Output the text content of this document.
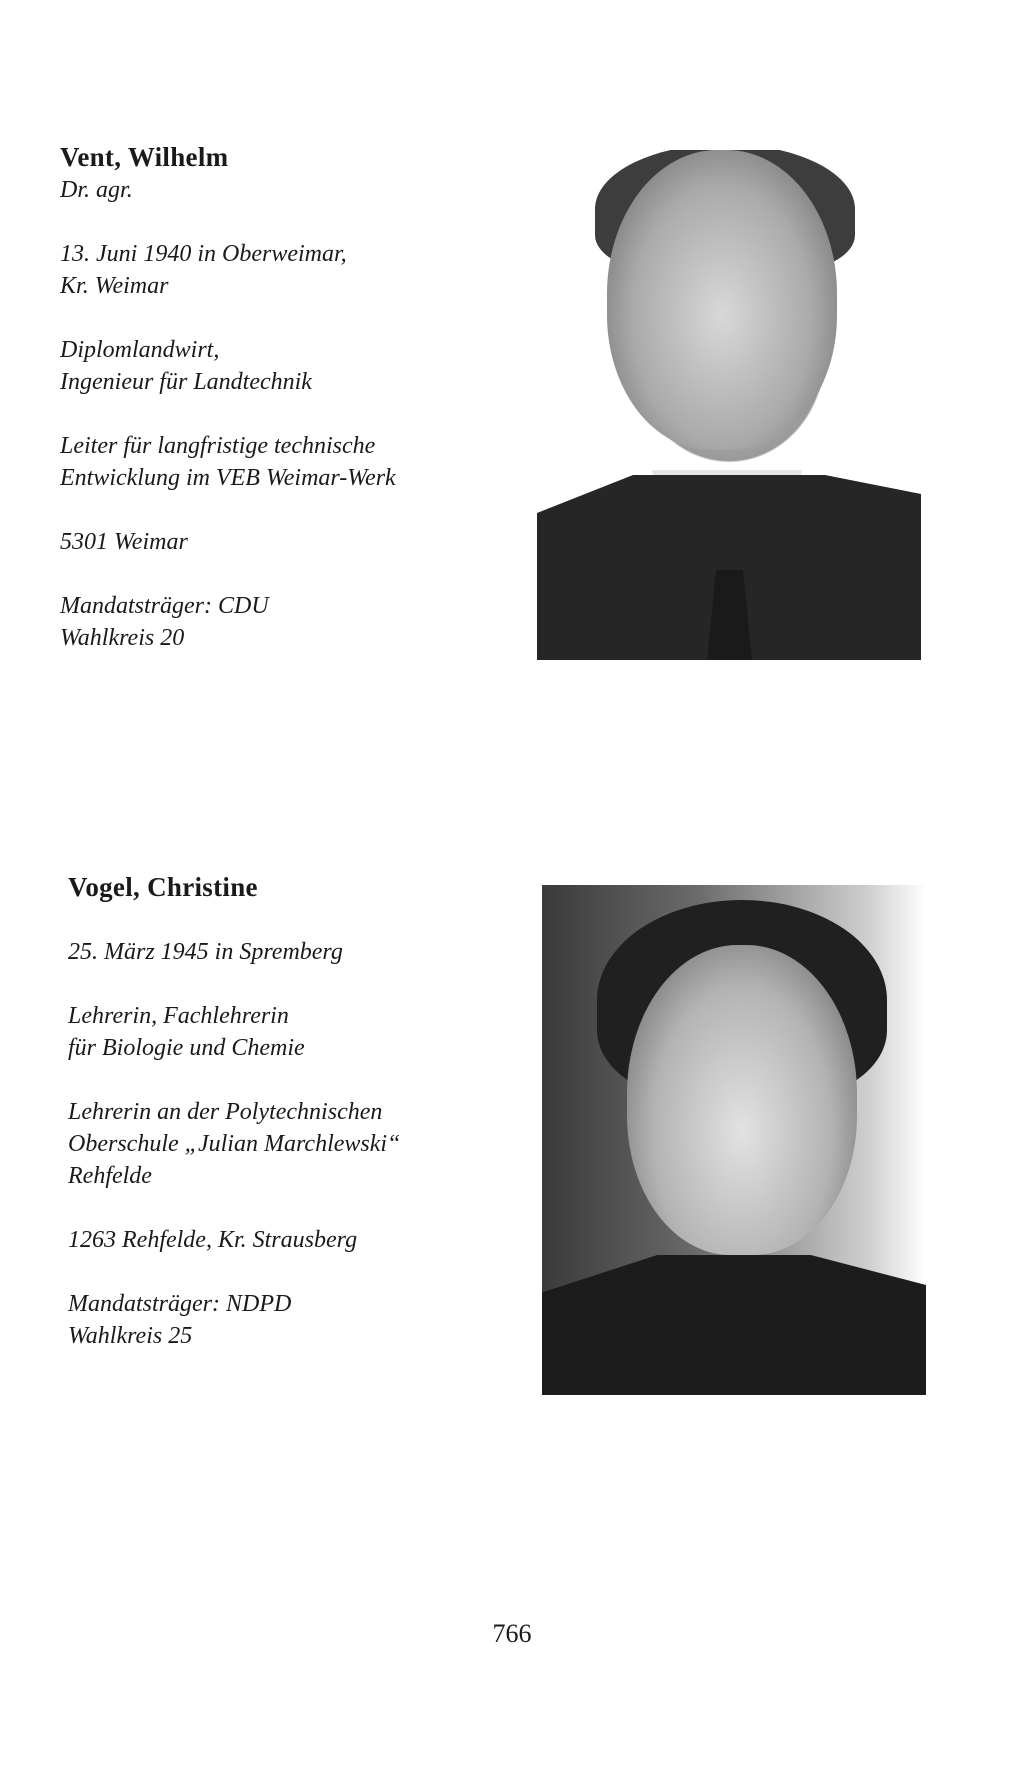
Vent, Wilhelm

Dr. agr.

13. Juni 1940 in Oberweimar,

Kr. Weimar

Diplomlandwirt,

Ingenieur für Landtechnik

Leiter für langfristige technische

Entwicklung im VEB Weimar-Werk

5301 Weimar

Mandatsträger: CDU

Wahlkreis 20

Vogel, Christine

25. März 1945 in Spremberg

Lehrerin, Fachlehrerin

für Biologie und Chemie

Lehrerin an der Polytechnischen

Oberschule „Julian Marchlewski“

Rehfelde

1263 Rehfelde, Kr. Strausberg

Mandatsträger: NDPD

Wahlkreis 25

766
